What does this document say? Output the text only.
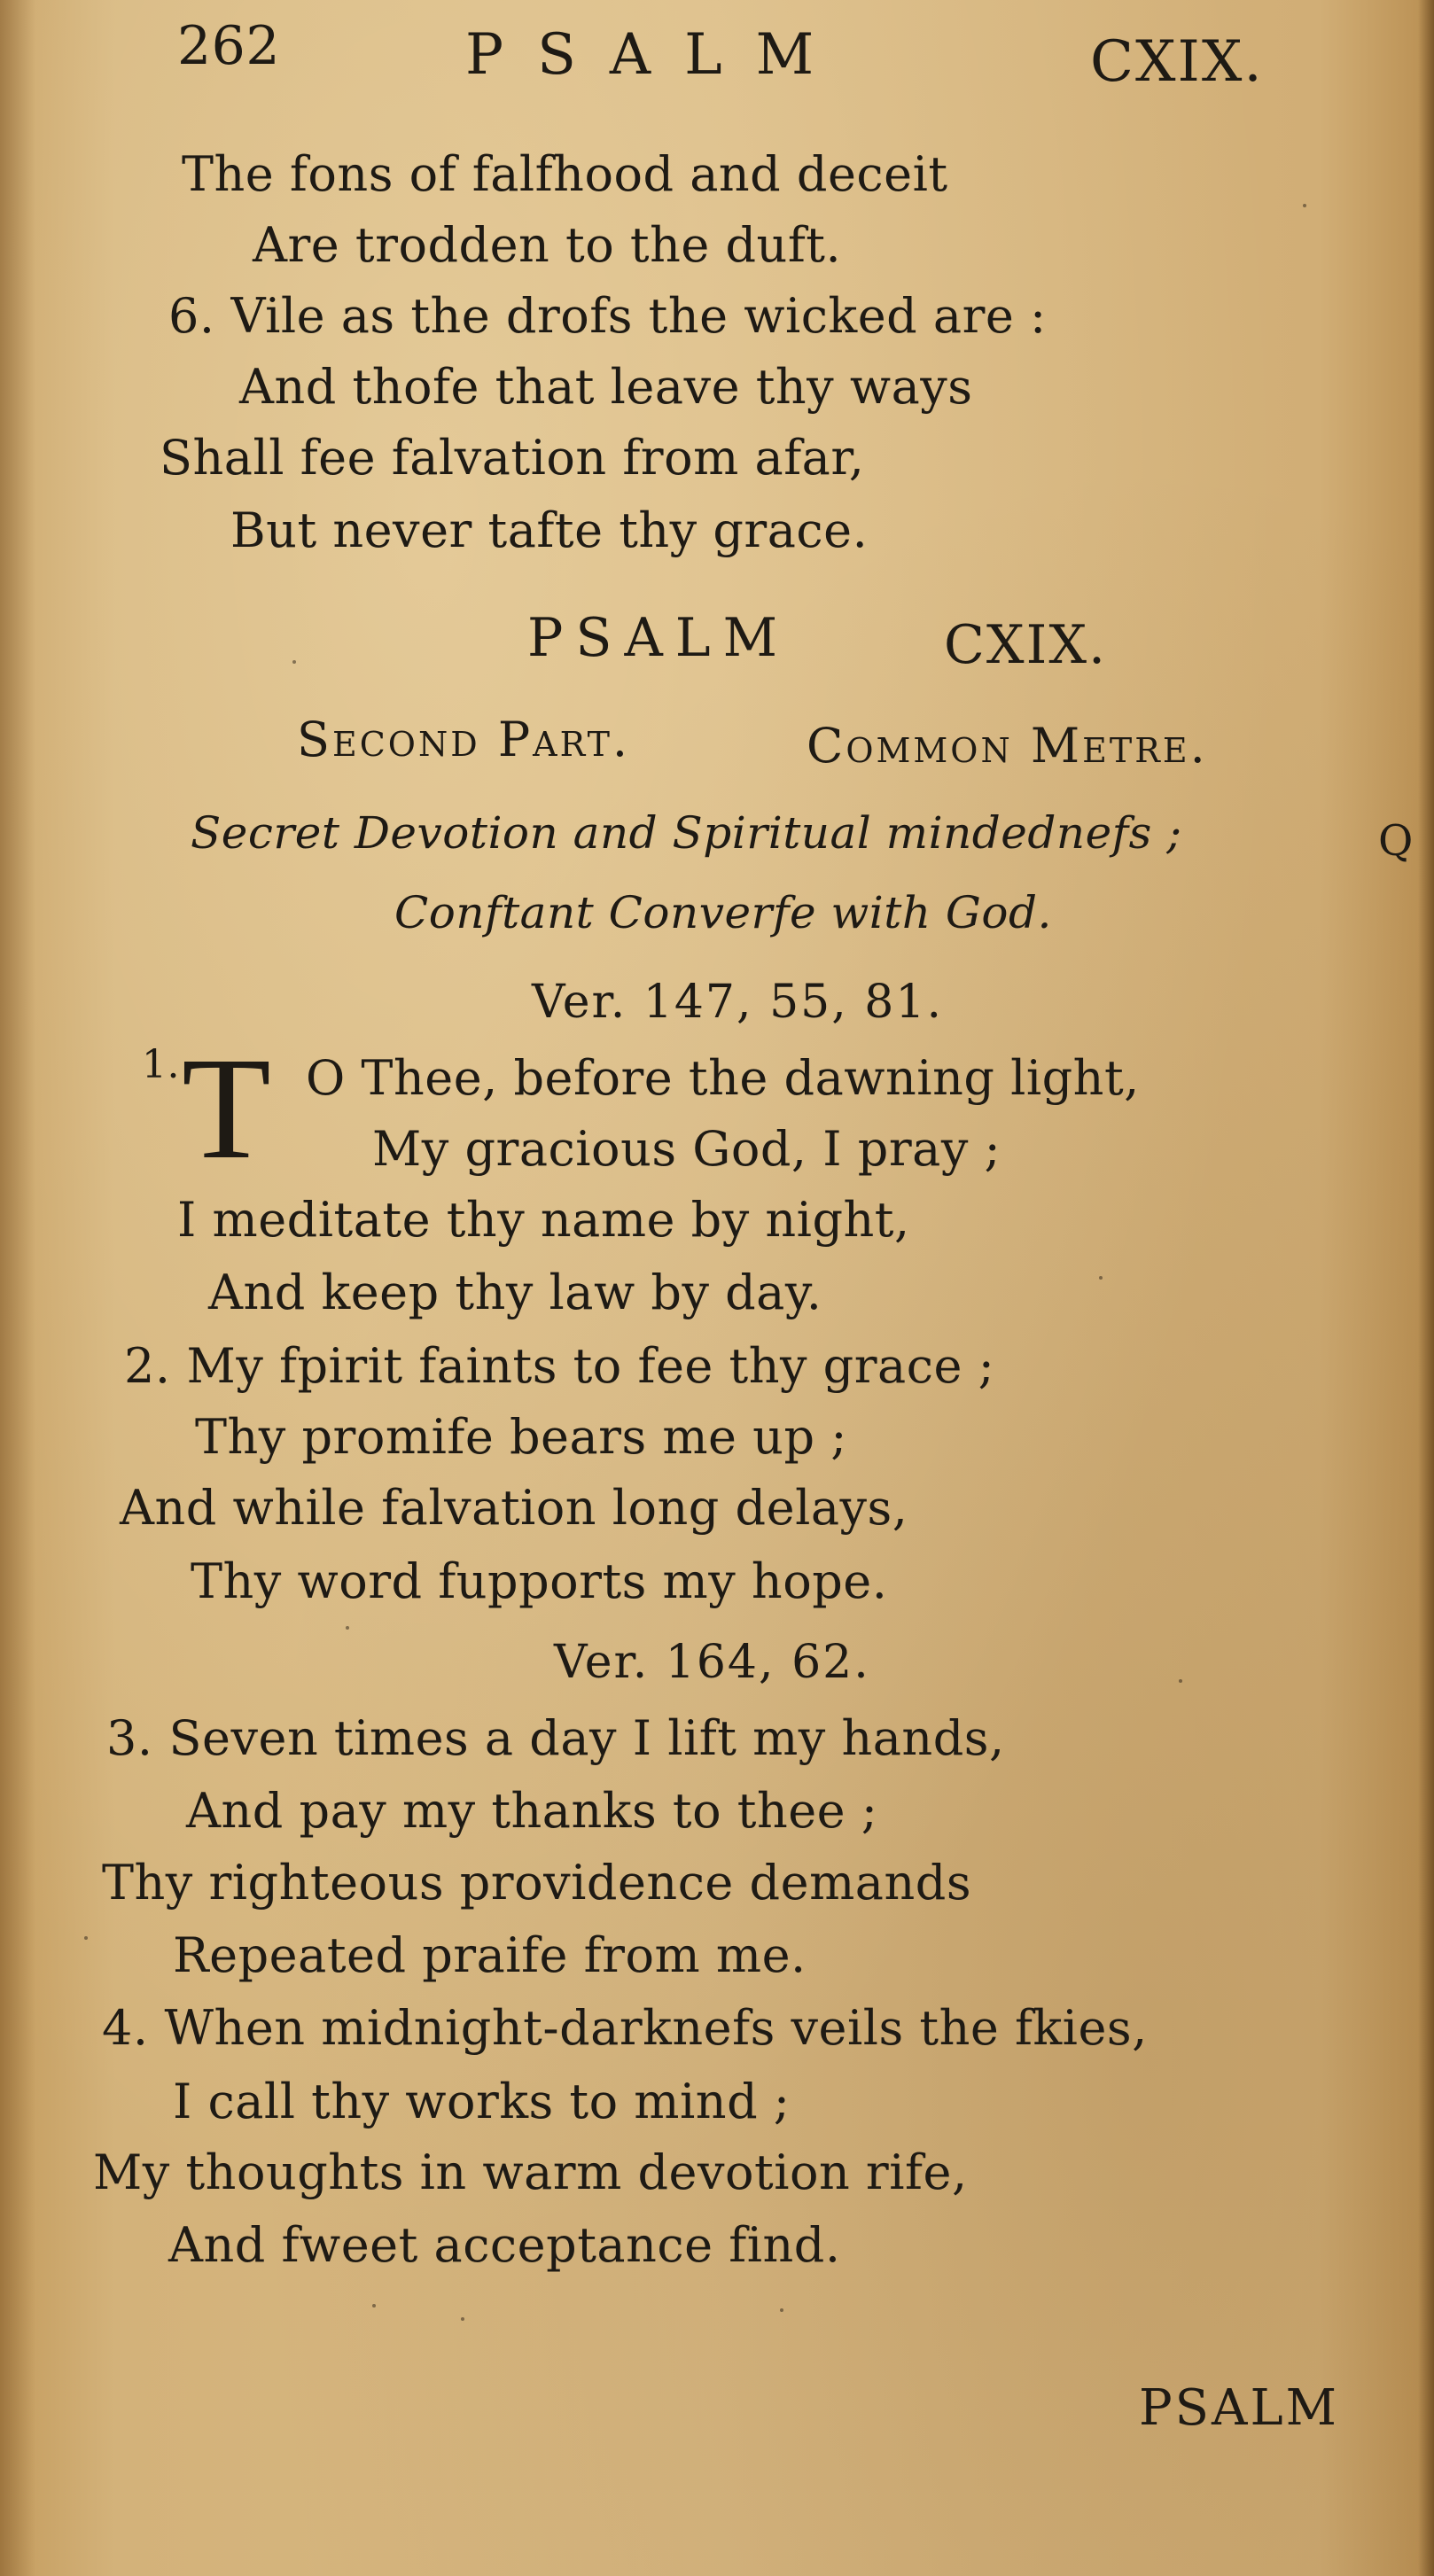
262	PSALM	CXIX.
The fons of falfhood and deceit
Are trodden to the duft.
6. Vile as the drofs the wicked are :
And thofe that leave thy ways
Shall fee falvation from afar,
But never tafte thy grace.
PSALM	CXIX.
Second Part.	Common Metre.
Secret Devotion and Spiritual mindednefs ;	Q
Conftant Converfe with God.
Ver. 147, 55, 81.
1. T O Thee, before the dawning light,
My gracious God, I pray ;
I meditate thy name by night,
And keep thy law by day.
2. My fpirit faints to fee thy grace ;
Thy promife bears me up ;
And while falvation long delays,
Thy word fupports my hope.
Ver. 164, 62.
3. Seven times a day I lift my hands,
And pay my thanks to thee ;
Thy righteous providence demands
Repeated praife from me.
4. When midnight-darknefs veils the fkies,
I call thy works to mind ;
My thoughts in warm devotion rife,
And fweet acceptance find.
PSALM
